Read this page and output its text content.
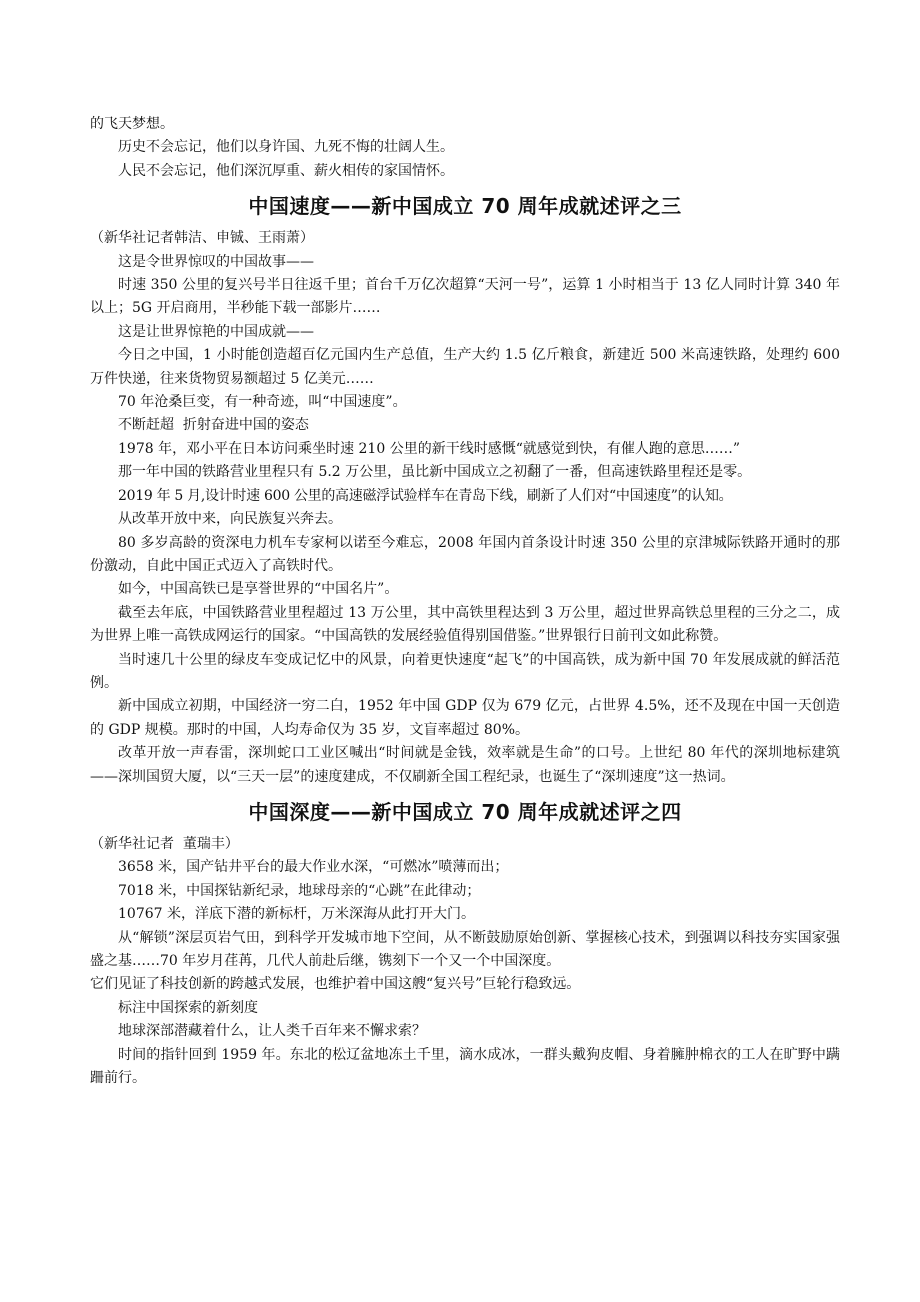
的飞天梦想。

历史不会忘记，他们以身许国、九死不悔的壮阔人生。

人民不会忘记，他们深沉厚重、薪火相传的家国情怀。

中国速度——新中国成立 70 周年成就述评之三

（新华社记者韩洁、申铖、王雨萧）

这是令世界惊叹的中国故事——

时速 350 公里的复兴号半日往返千里；首台千万亿次超算“天河一号”，运算 1 小时相当于 13 亿人同时计算 340 年以上；5G 开启商用，半秒能下载一部影片……

这是让世界惊艳的中国成就——

今日之中国，1 小时能创造超百亿元国内生产总值，生产大约 1.5 亿斤粮食，新建近 500 米高速铁路，处理约 600 万件快递，往来货物贸易额超过 5 亿美元……

70 年沧桑巨变，有一种奇迹，叫“中国速度”。

不断赶超  折射奋进中国的姿态

1978 年，邓小平在日本访问乘坐时速 210 公里的新干线时感慨“就感觉到快，有催人跑的意思……”

那一年中国的铁路营业里程只有 5.2 万公里，虽比新中国成立之初翻了一番，但高速铁路里程还是零。

2019 年 5 月,设计时速 600 公里的高速磁浮试验样车在青岛下线，刷新了人们对“中国速度”的认知。

从改革开放中来，向民族复兴奔去。

80 多岁高龄的资深电力机车专家柯以诺至今难忘，2008 年国内首条设计时速 350 公里的京津城际铁路开通时的那份激动，自此中国正式迈入了高铁时代。

如今，中国高铁已是享誉世界的“中国名片”。

截至去年底，中国铁路营业里程超过 13 万公里，其中高铁里程达到 3 万公里，超过世界高铁总里程的三分之二，成为世界上唯一高铁成网运行的国家。“中国高铁的发展经验值得别国借鉴。”世界银行日前刊文如此称赞。

当时速几十公里的绿皮车变成记忆中的风景，向着更快速度“起飞”的中国高铁，成为新中国 70 年发展成就的鲜活范例。

新中国成立初期，中国经济一穷二白，1952 年中国 GDP 仅为 679 亿元，占世界 4.5%，还不及现在中国一天创造的 GDP 规模。那时的中国，人均寿命仅为 35 岁，文盲率超过 80%。

改革开放一声春雷，深圳蛇口工业区喊出“时间就是金钱，效率就是生命”的口号。上世纪 80 年代的深圳地标建筑——深圳国贸大厦，以“三天一层”的速度建成，不仅刷新全国工程纪录，也诞生了“深圳速度”这一热词。

中国深度——新中国成立 70 周年成就述评之四

（新华社记者  董瑞丰）

3658 米，国产钻井平台的最大作业水深，“可燃冰”喷薄而出；

7018 米，中国探钻新纪录，地球母亲的“心跳”在此律动；

10767 米，洋底下潜的新标杆，万米深海从此打开大门。

从“解锁”深层页岩气田，到科学开发城市地下空间，从不断鼓励原始创新、掌握核心技术，到强调以科技夯实国家强盛之基……70 年岁月荏苒，几代人前赴后继，镌刻下一个又一个中国深度。

它们见证了科技创新的跨越式发展，也维护着中国这艘“复兴号”巨轮行稳致远。

标注中国探索的新刻度

地球深部潜藏着什么，让人类千百年来不懈求索？

时间的指针回到 1959 年。东北的松辽盆地冻土千里，滴水成冰，一群头戴狗皮帽、身着臃肿棉衣的工人在旷野中蹒跚前行。
